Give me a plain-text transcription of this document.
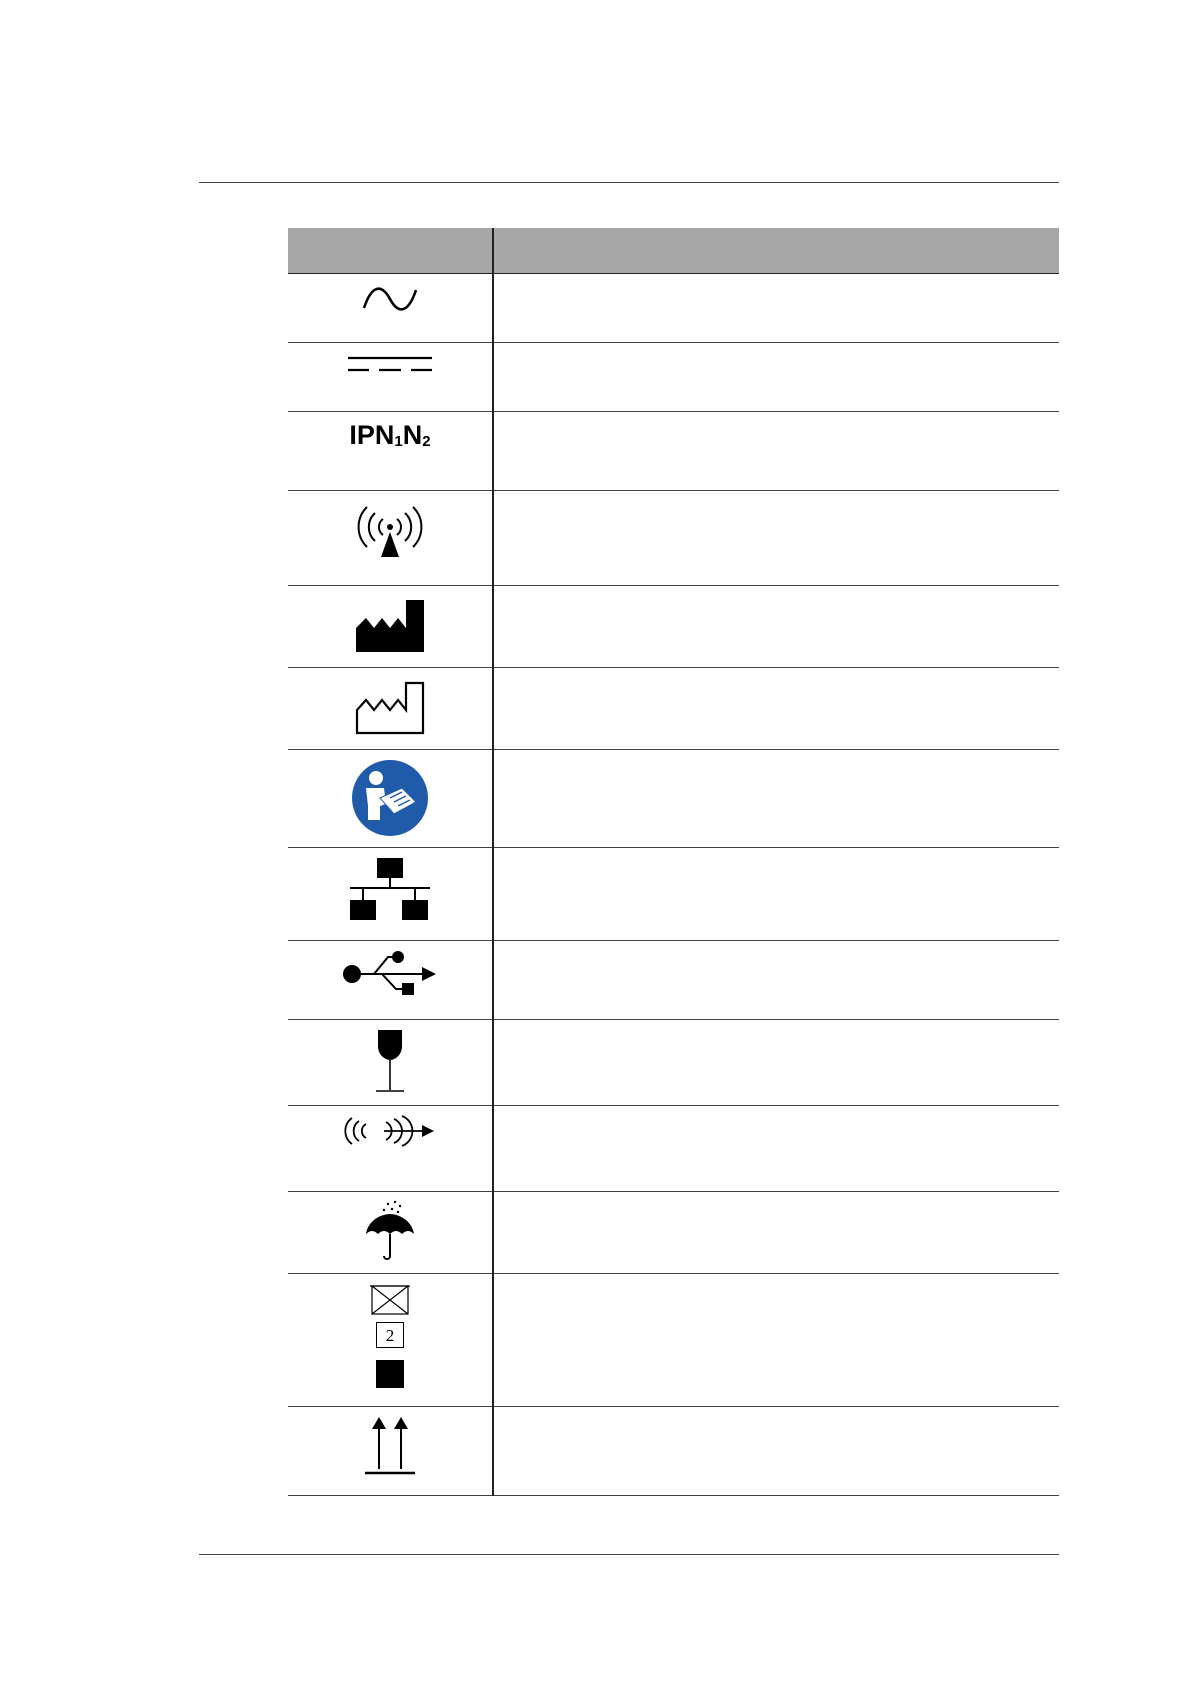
$IPN_1N_2$	

2	
